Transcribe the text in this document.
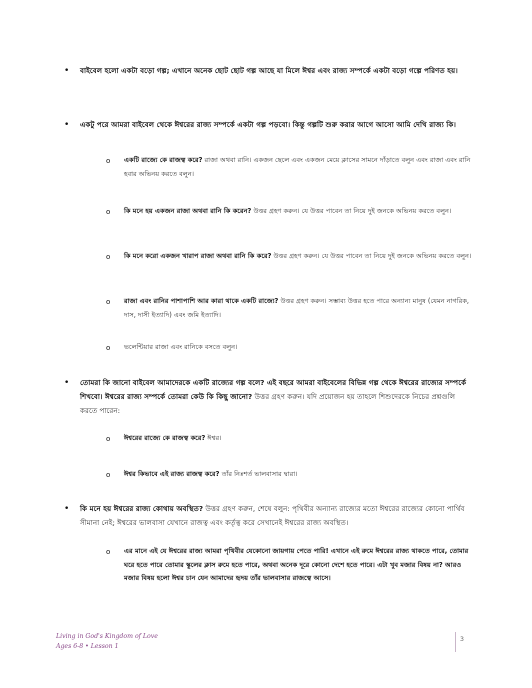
• বাইবেল হলো একটা বড়ো গল্প; এখানে অনেক ছোট ছোট গল্প আছে যা মিলে ঈশ্বর এবং রাজ্য সম্পর্কে একটা বড়ো গল্পে পরিণত হয়।
• একটু পরে আমরা বাইবেল থেকে ঈশ্বরের রাজ্য সম্পর্কে একটা গল্প পড়বো। কিন্তু গল্পটি শুরু করার আগে আসো আমি দেখি রাজ্য কি।
o একটি রাজ্যে কে রাজত্ব করে? রাজা অথবা রানি। একজন ছেলে এবং একজন মেয়ে ক্লাসের সামনে দাঁড়াতে বলুন এবং রাজা এবং রানি হবার অভিনয় করতে বলুন।
o কি মনে হয় একজন রাজা অথবা রানি কি করেন? উত্তর গ্রহণ করুন। যে উত্তর পাবেন তা নিয়ে দুই জনকে অভিনয় করতে বলুন।
o কি মনে করো একজন খারাপ রাজা অথবা রানি কি করে? উত্তর গ্রহণ করুন। যে উত্তর পাবেন তা নিয়ে দুই জনকে অভিনয় করতে বলুন।
o রাজা এবং রানির পাশাপাশি আর কারা থাকে একটি রাজ্যে? উত্তর গ্রহণ করুন। সম্ভাব্য উত্তর হতে পারে অন্যান্য মানুষ (যেমন নাগরিক, দাস, দাসী ইত্যাদি) এবং জমি ইত্যাদি।
o ভলেন্টিয়ার রাজা এবং রানিকে বসতে বলুন।
• তোমরা কি জানো বাইবেল আমাদেরকে একটি রাজ্যের গল্প বলে? এই বছরে আমরা বাইবেলের বিভিন্ন গল্প থেকে ঈশ্বরের রাজ্যের সম্পর্কে শিখবো। ঈশ্বরের রাজ্য সম্পর্কে তোমরা কেউ কি কিছু জানো? উত্তর গ্রহণ করুন। যদি প্রয়োজন হয় তাহলে শিশুদেরকে নিচের প্রশ্নগুলি করতে পারেন:
o ঈশ্বরের রাজ্যে কে রাজত্ব করে? ঈশ্বর।
o ঈশ্বর কিভাবে এই রাজ্য রাজত্ব করে? তাঁর নিঃশর্ত ভালবাসার দ্বারা।
• কি মনে হয় ঈশ্বরের রাজ্য কোথায় অবস্থিত? উত্তর গ্রহণ করুন, শেষে বলুন: পৃথিবীর অন্যান্য রাজ্যের মতো ঈশ্বরের রাজ্যের কোনো পার্থিব সীমানা নেই; ঈশ্বরের ভালবাসা যেখানে রাজত্ব এবং কর্তৃত্ব করে সেখানেই ঈশ্বরের রাজ্য অবস্থিত।
o এর মানে এই যে ঈশ্বরের রাজ্য আমরা পৃথিবীর যেকোনো জায়গায় পেতে পারি! এখানে এই রুমে ঈশ্বরের রাজ্য থাকতে পারে, তোমার ঘরে হতে পারে তোমার স্কুলের ক্লাস রুমে হতে পারে, অথবা অনেক দূরে কোনো দেশে হতে পারে। এটা খুব মজার বিষয় না? আরও মজার বিষয় হলো ঈশ্বর চান যেন আমাদের হৃদয় তাঁর ভালবাসার রাজত্বে আসে।
Living in God's Kingdom of Love
Ages 6-8 • Lesson 1
3
